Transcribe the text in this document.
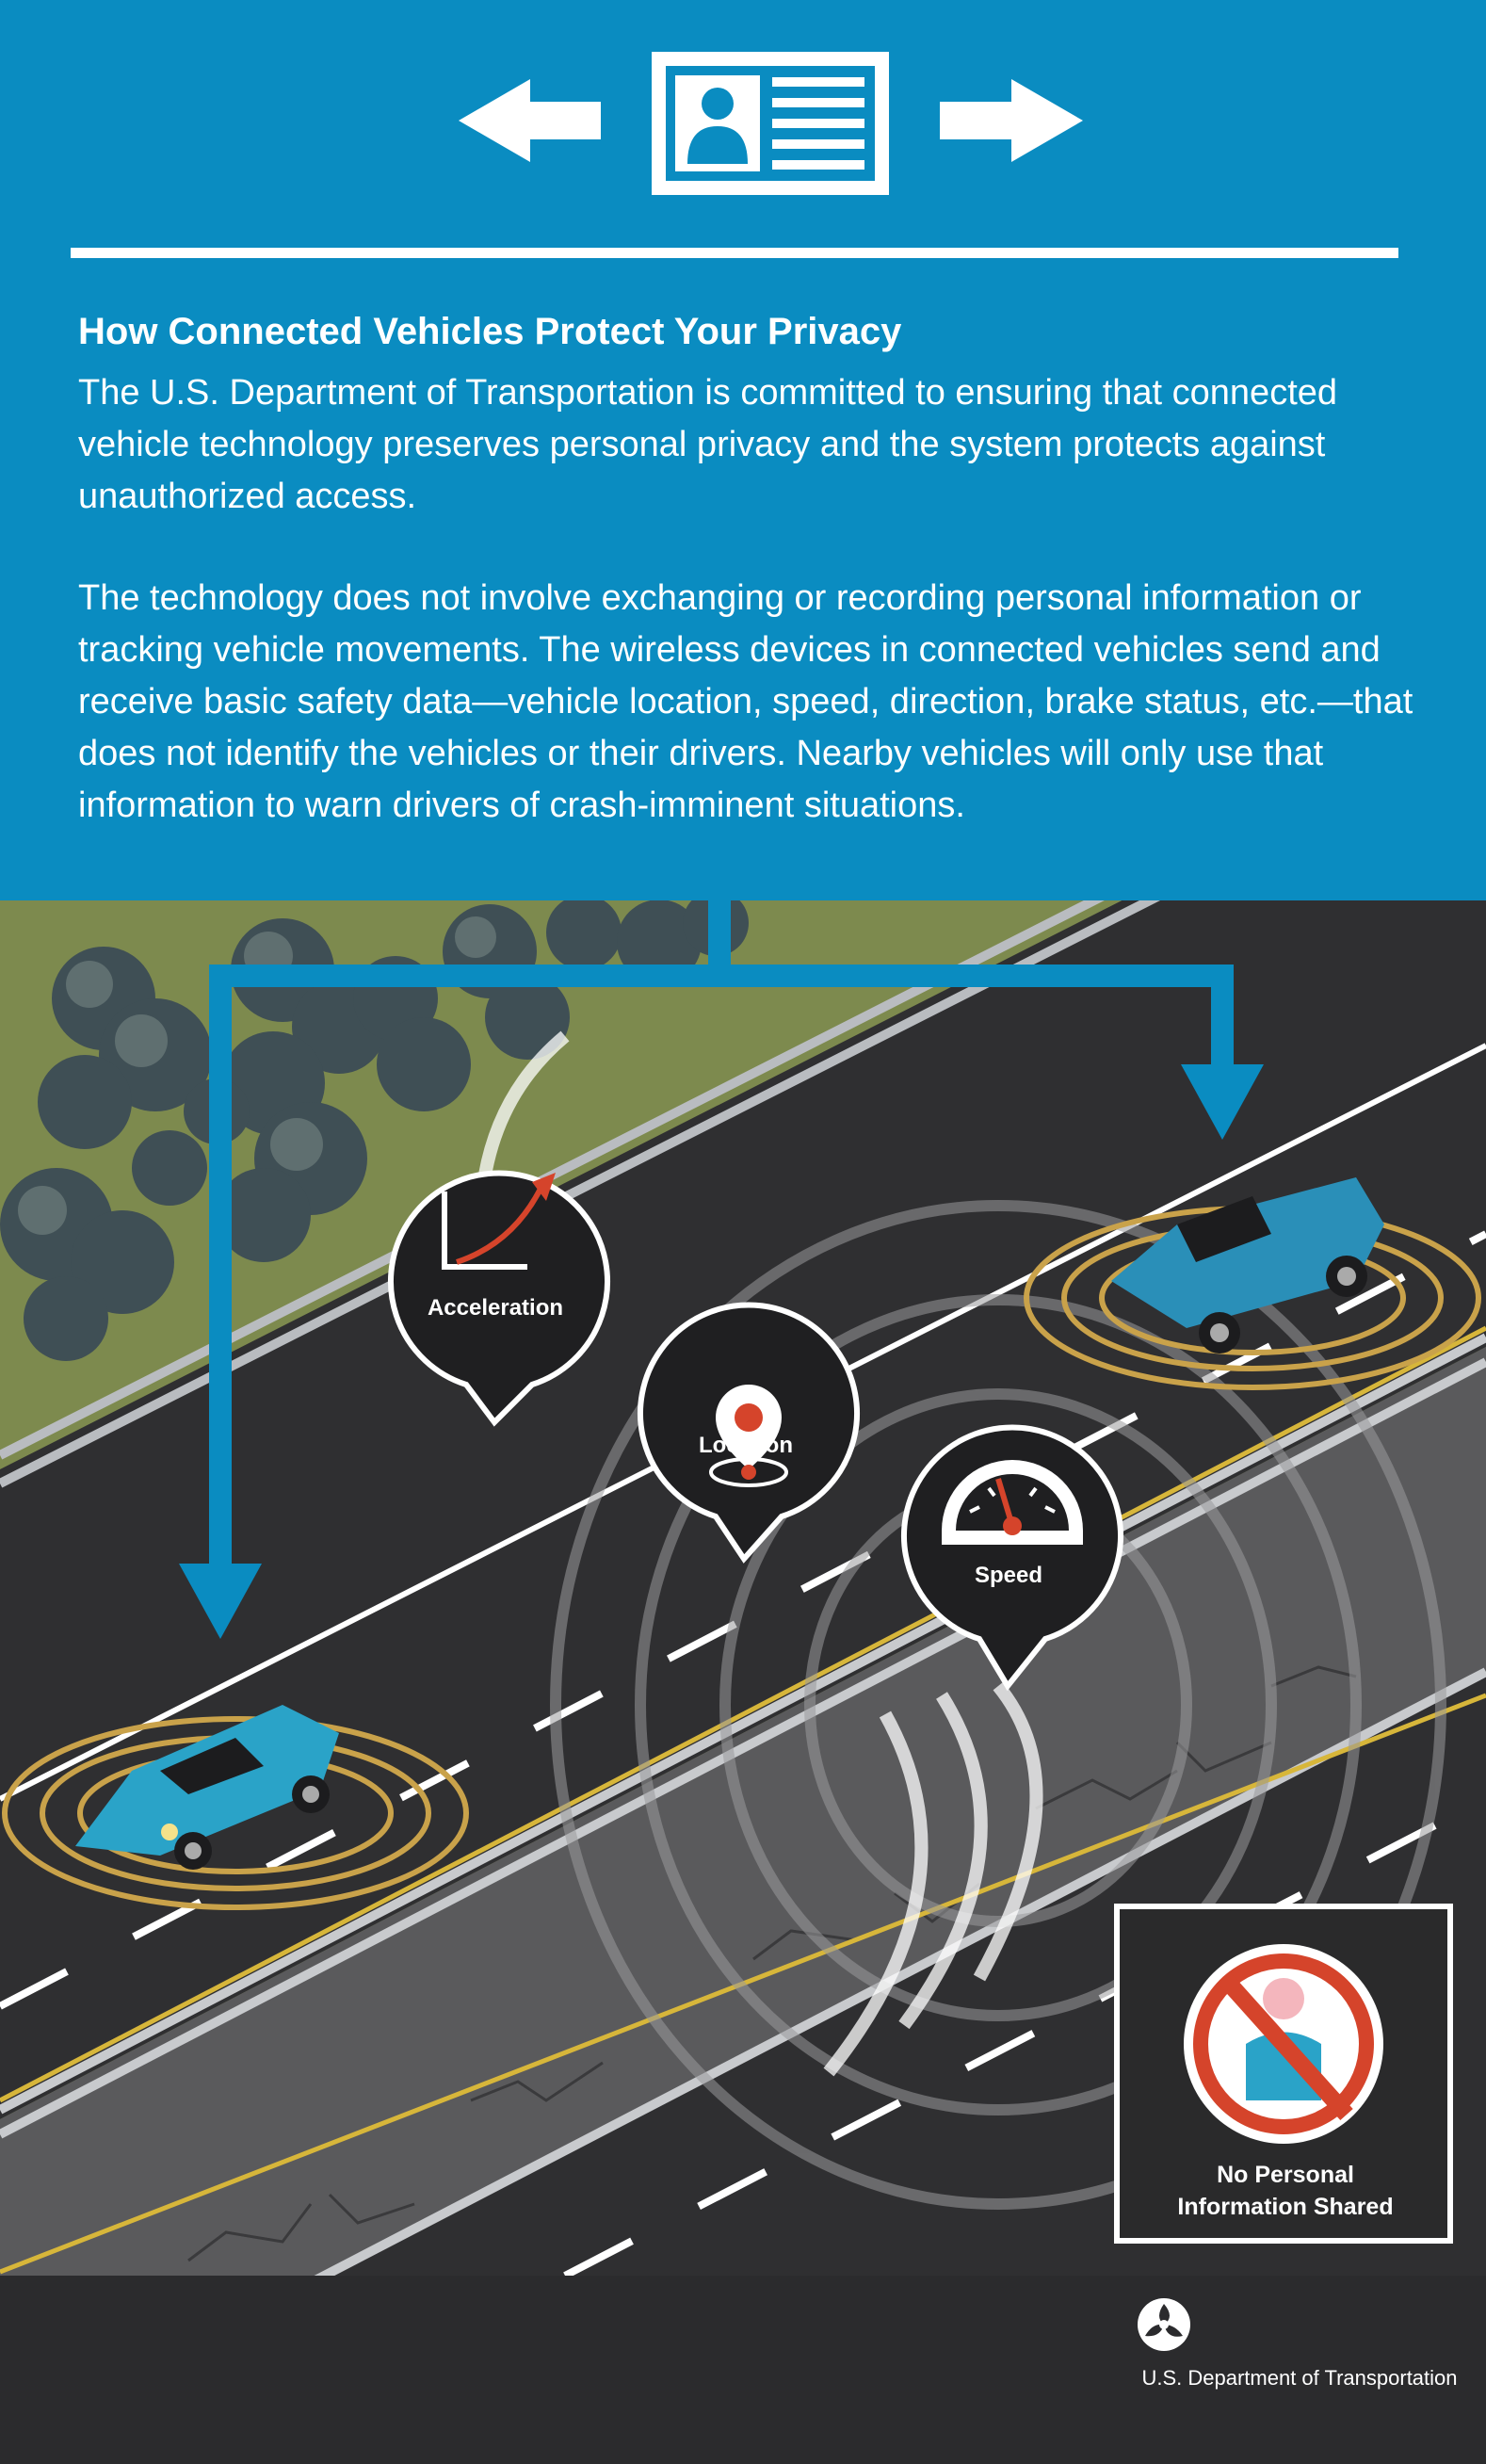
How Connected Vehicles Protect Your Privacy
The U.S. Department of Transportation is committed to ensuring that connected vehicle technology preserves personal privacy and the system protects against unauthorized access.
The technology does not involve exchanging or recording personal information or tracking vehicle movements. The wireless devices in connected vehicles send and receive basic safety data—vehicle location, speed, direction, brake status, etc.—that does not identify the vehicles or their drivers. Nearby vehicles will only use that information to warn drivers of crash-imminent situations.
Acceleration
Location
Speed
No Personal
Information Shared
U.S. Department of Transportation
